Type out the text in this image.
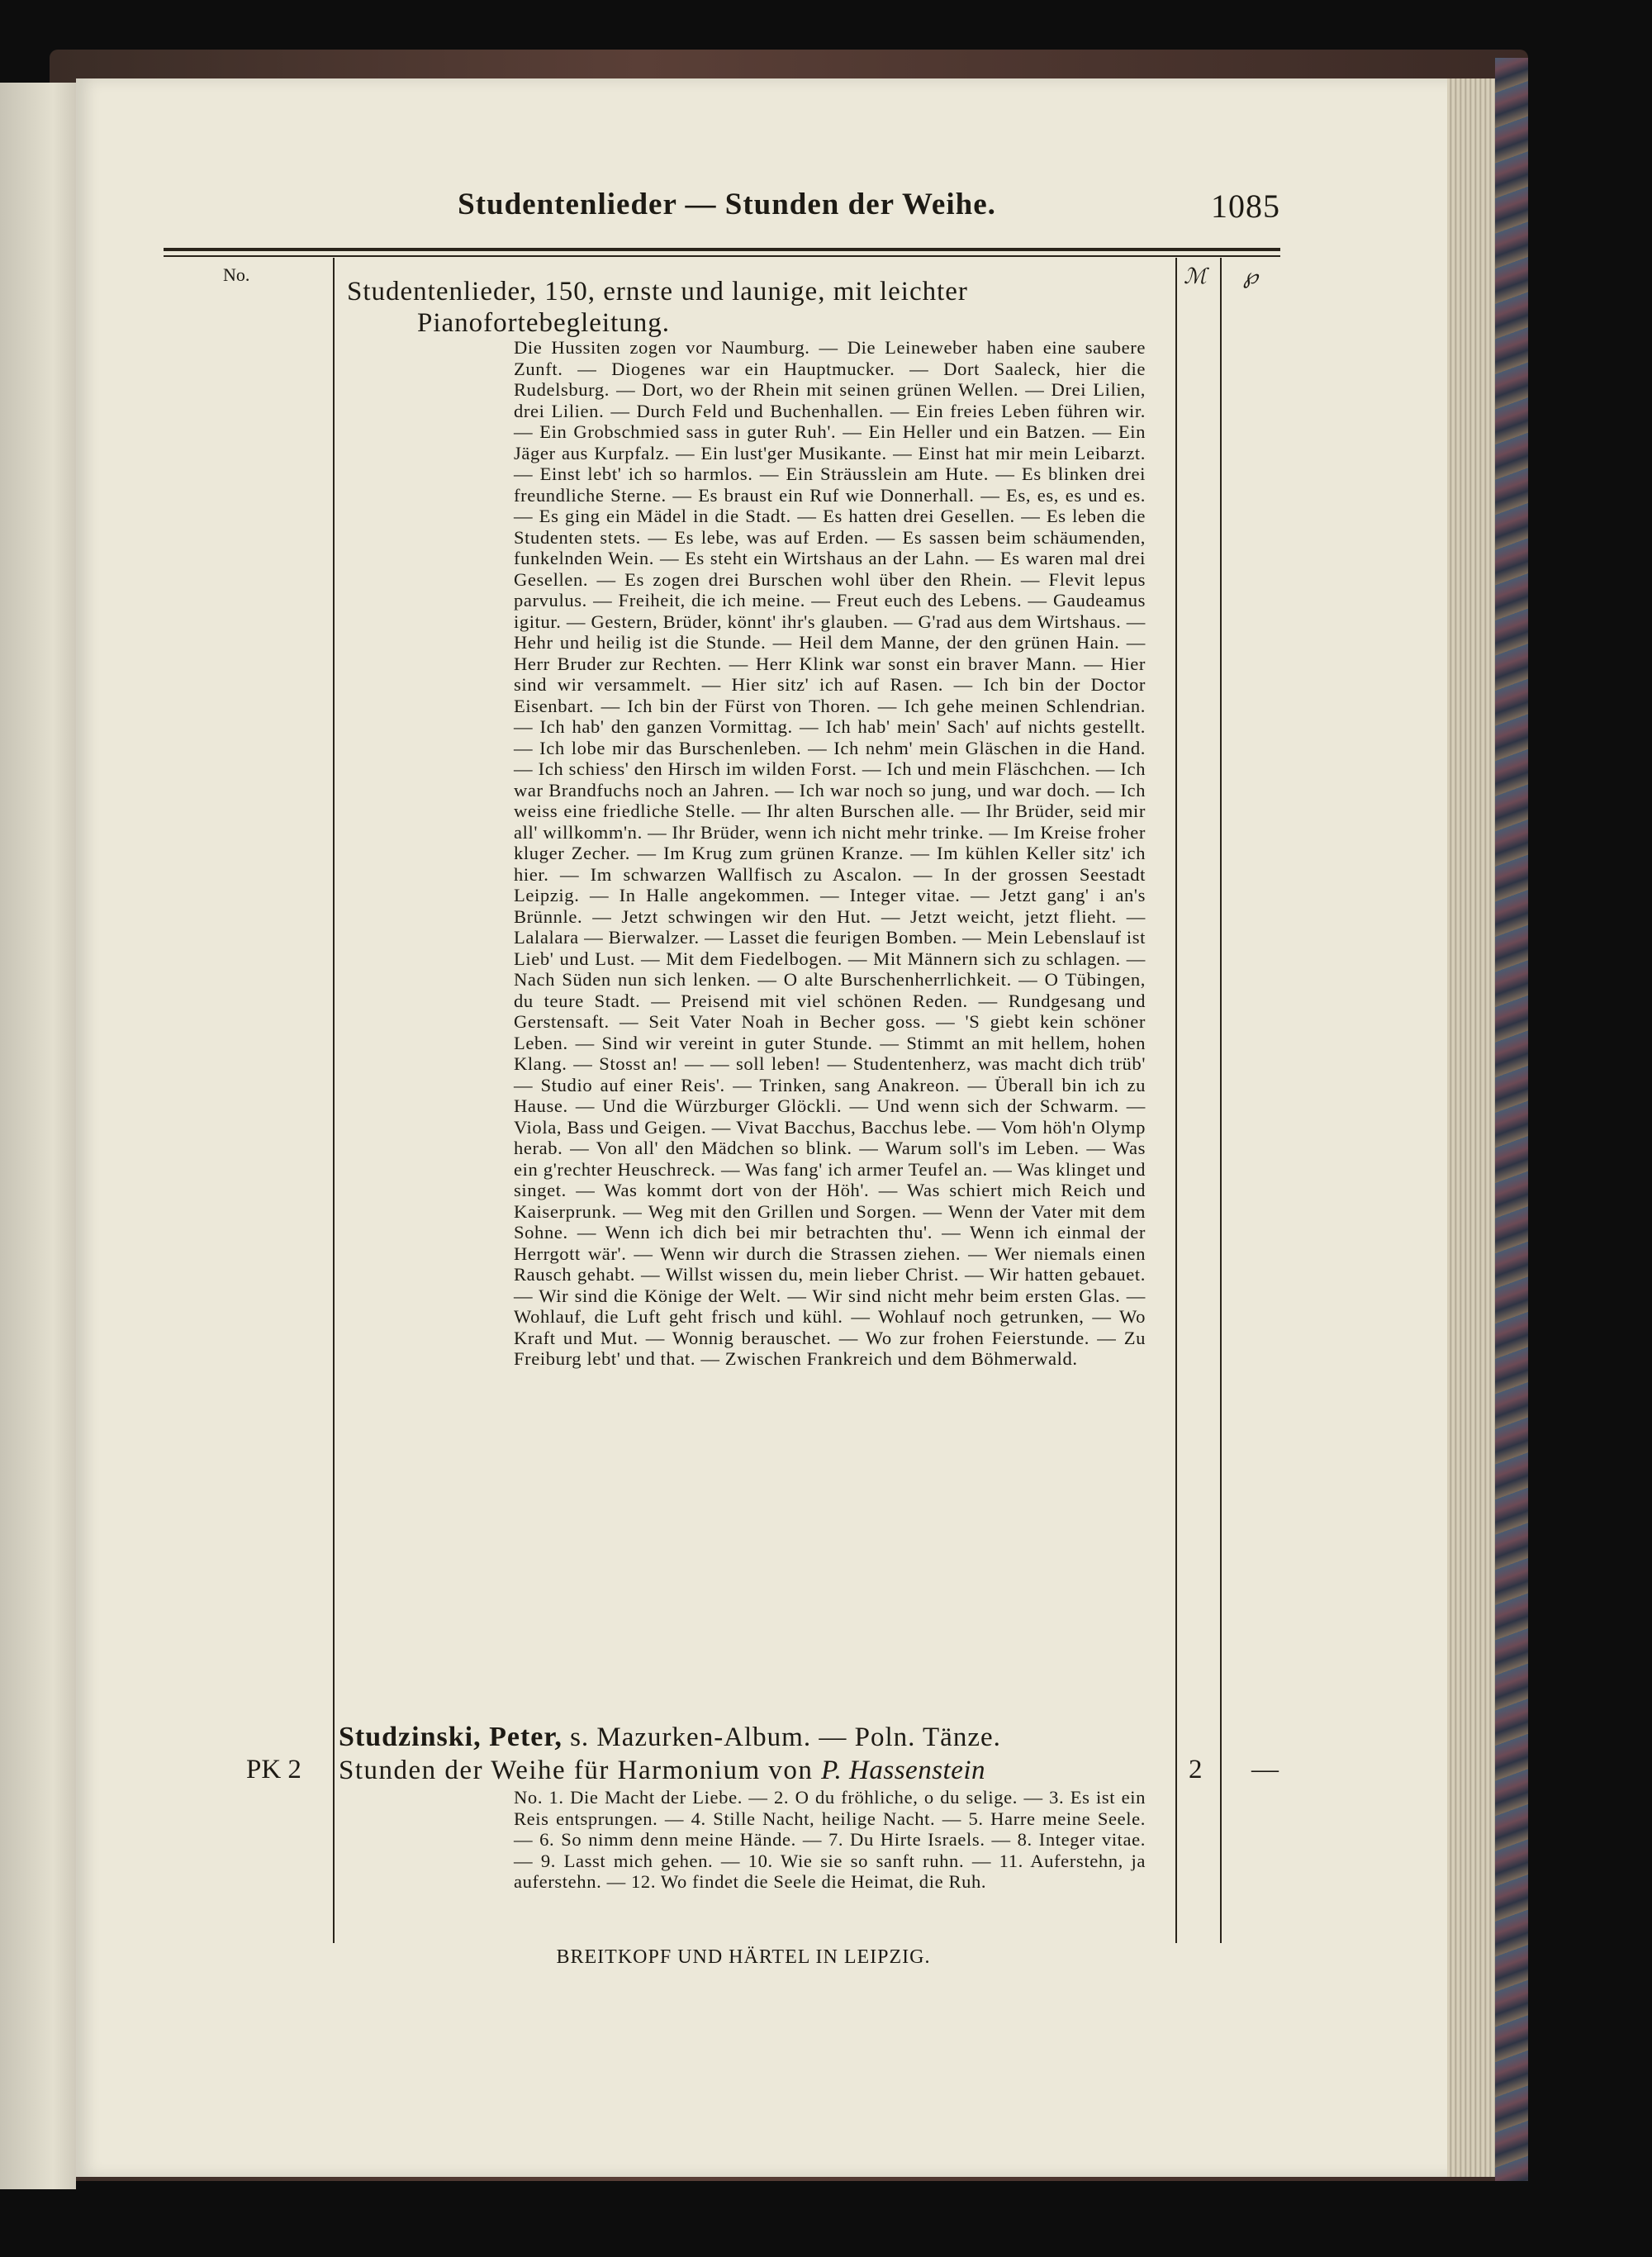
Studentenlieder — Stunden der Weihe.	1085
No.	ℳ ℘
Studentenlieder, 150, ernste und launige, mit leichter
Pianofortebegleitung.
Die Hussiten zogen vor Naumburg. — Die Leineweber haben eine saubere Zunft. — Diogenes war ein Hauptmucker. — Dort Saaleck, hier die Rudelsburg. — Dort, wo der Rhein mit seinen grünen Wellen. — Drei Lilien, drei Lilien. — Durch Feld und Buchenhallen. — Ein freies Leben führen wir. — Ein Grobschmied sass in guter Ruh'. — Ein Heller und ein Batzen. — Ein Jäger aus Kurpfalz. — Ein lust'ger Musikante. — Einst hat mir mein Leibarzt. — Einst lebt' ich so harmlos. — Ein Sträusslein am Hute. — Es blinken drei freundliche Sterne. — Es braust ein Ruf wie Donnerhall. — Es, es, es und es. — Es ging ein Mädel in die Stadt. — Es hatten drei Gesellen. — Es leben die Studenten stets. — Es lebe, was auf Erden. — Es sassen beim schäumenden, funkelnden Wein. — Es steht ein Wirtshaus an der Lahn. — Es waren mal drei Gesellen. — Es zogen drei Burschen wohl über den Rhein. — Flevit lepus parvulus. — Freiheit, die ich meine. — Freut euch des Lebens. — Gaudeamus igitur. — Gestern, Brüder, könnt' ihr's glauben. — G'rad aus dem Wirtshaus. — Hehr und heilig ist die Stunde. — Heil dem Manne, der den grünen Hain. — Herr Bruder zur Rechten. — Herr Klink war sonst ein braver Mann. — Hier sind wir versammelt. — Hier sitz' ich auf Rasen. — Ich bin der Doctor Eisenbart. — Ich bin der Fürst von Thoren. — Ich gehe meinen Schlendrian. — Ich hab' den ganzen Vormittag. — Ich hab' mein' Sach' auf nichts gestellt. — Ich lobe mir das Burschenleben. — Ich nehm' mein Gläschen in die Hand. — Ich schiess' den Hirsch im wilden Forst. — Ich und mein Fläschchen. — Ich war Brandfuchs noch an Jahren. — Ich war noch so jung, und war doch. — Ich weiss eine friedliche Stelle. — Ihr alten Burschen alle. — Ihr Brüder, seid mir all' willkomm'n. — Ihr Brüder, wenn ich nicht mehr trinke. — Im Kreise froher kluger Zecher. — Im Krug zum grünen Kranze. — Im kühlen Keller sitz' ich hier. — Im schwarzen Wallfisch zu Ascalon. — In der grossen Seestadt Leipzig. — In Halle angekommen. — Integer vitae. — Jetzt gang' i an's Brünnle. — Jetzt schwingen wir den Hut. — Jetzt weicht, jetzt flieht. — Lalalara — Bierwalzer. — Lasset die feurigen Bomben. — Mein Lebenslauf ist Lieb' und Lust. — Mit dem Fiedelbogen. — Mit Männern sich zu schlagen. — Nach Süden nun sich lenken. — O alte Burschenherrlichkeit. — O Tübingen, du teure Stadt. — Preisend mit viel schönen Reden. — Rundgesang und Gerstensaft. — Seit Vater Noah in Becher goss. — 'S giebt kein schöner Leben. — Sind wir vereint in guter Stunde. — Stimmt an mit hellem, hohen Klang. — Stosst an! — — soll leben! — Studentenherz, was macht dich trüb' — Studio auf einer Reis'. — Trinken, sang Anakreon. — Überall bin ich zu Hause. — Und die Würzburger Glöckli. — Und wenn sich der Schwarm. — Viola, Bass und Geigen. — Vivat Bacchus, Bacchus lebe. — Vom höh'n Olymp herab. — Von all' den Mädchen so blink. — Warum soll's im Leben. — Was ein g'rechter Heuschreck. — Was fang' ich armer Teufel an. — Was klinget und singet. — Was kommt dort von der Höh'. — Was schiert mich Reich und Kaiserprunk. — Weg mit den Grillen und Sorgen. — Wenn der Vater mit dem Sohne. — Wenn ich dich bei mir betrachten thu'. — Wenn ich einmal der Herrgott wär'. — Wenn wir durch die Strassen ziehen. — Wer niemals einen Rausch gehabt. — Willst wissen du, mein lieber Christ. — Wir hatten gebauet. — Wir sind die Könige der Welt. — Wir sind nicht mehr beim ersten Glas. — Wohlauf, die Luft geht frisch und kühl. — Wohlauf noch getrunken, — Wo Kraft und Mut. — Wonnig berauschet. — Wo zur frohen Feierstunde. — Zu Freiburg lebt' und that. — Zwischen Frankreich und dem Böhmerwald.
Studzinski, Peter, s. Mazurken-Album. — Poln. Tänze.
PK 2 Stunden der Weihe für Harmonium von P. Hassenstein	2 —
No. 1. Die Macht der Liebe. — 2. O du fröhliche, o du selige. — 3. Es ist ein Reis entsprungen. — 4. Stille Nacht, heilige Nacht. — 5. Harre meine Seele. — 6. So nimm denn meine Hände. — 7. Du Hirte Israels. — 8. Integer vitae. — 9. Lasst mich gehen. — 10. Wie sie so sanft ruhn. — 11. Auferstehn, ja auferstehn. — 12. Wo findet die Seele die Heimat, die Ruh.
BREITKOPF UND HÄRTEL IN LEIPZIG.
